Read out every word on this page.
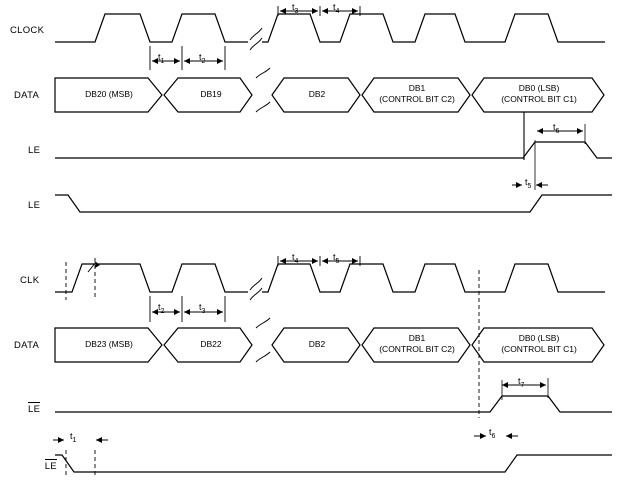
CLOCK
DATA
LE
LE
DB20 (MSB)	DB19	DB2
DB1
(CONTROL BIT C2)
DB0 (LSB)
(CONTROL BIT C1)
$t_1$	$t_2$
$t_3$	$t_4$
$t_5$
$t_6$
CLK
DATA
LE LE
DB23 (MSB)	DB22	DB2
DB1
(CONTROL BIT C2)
DB0 (LSB)
(CONTROL BIT C1)
$t_2$	$t_3$
$t_4$	$t_5$
$t_1$
$t_6$
$t_7$
